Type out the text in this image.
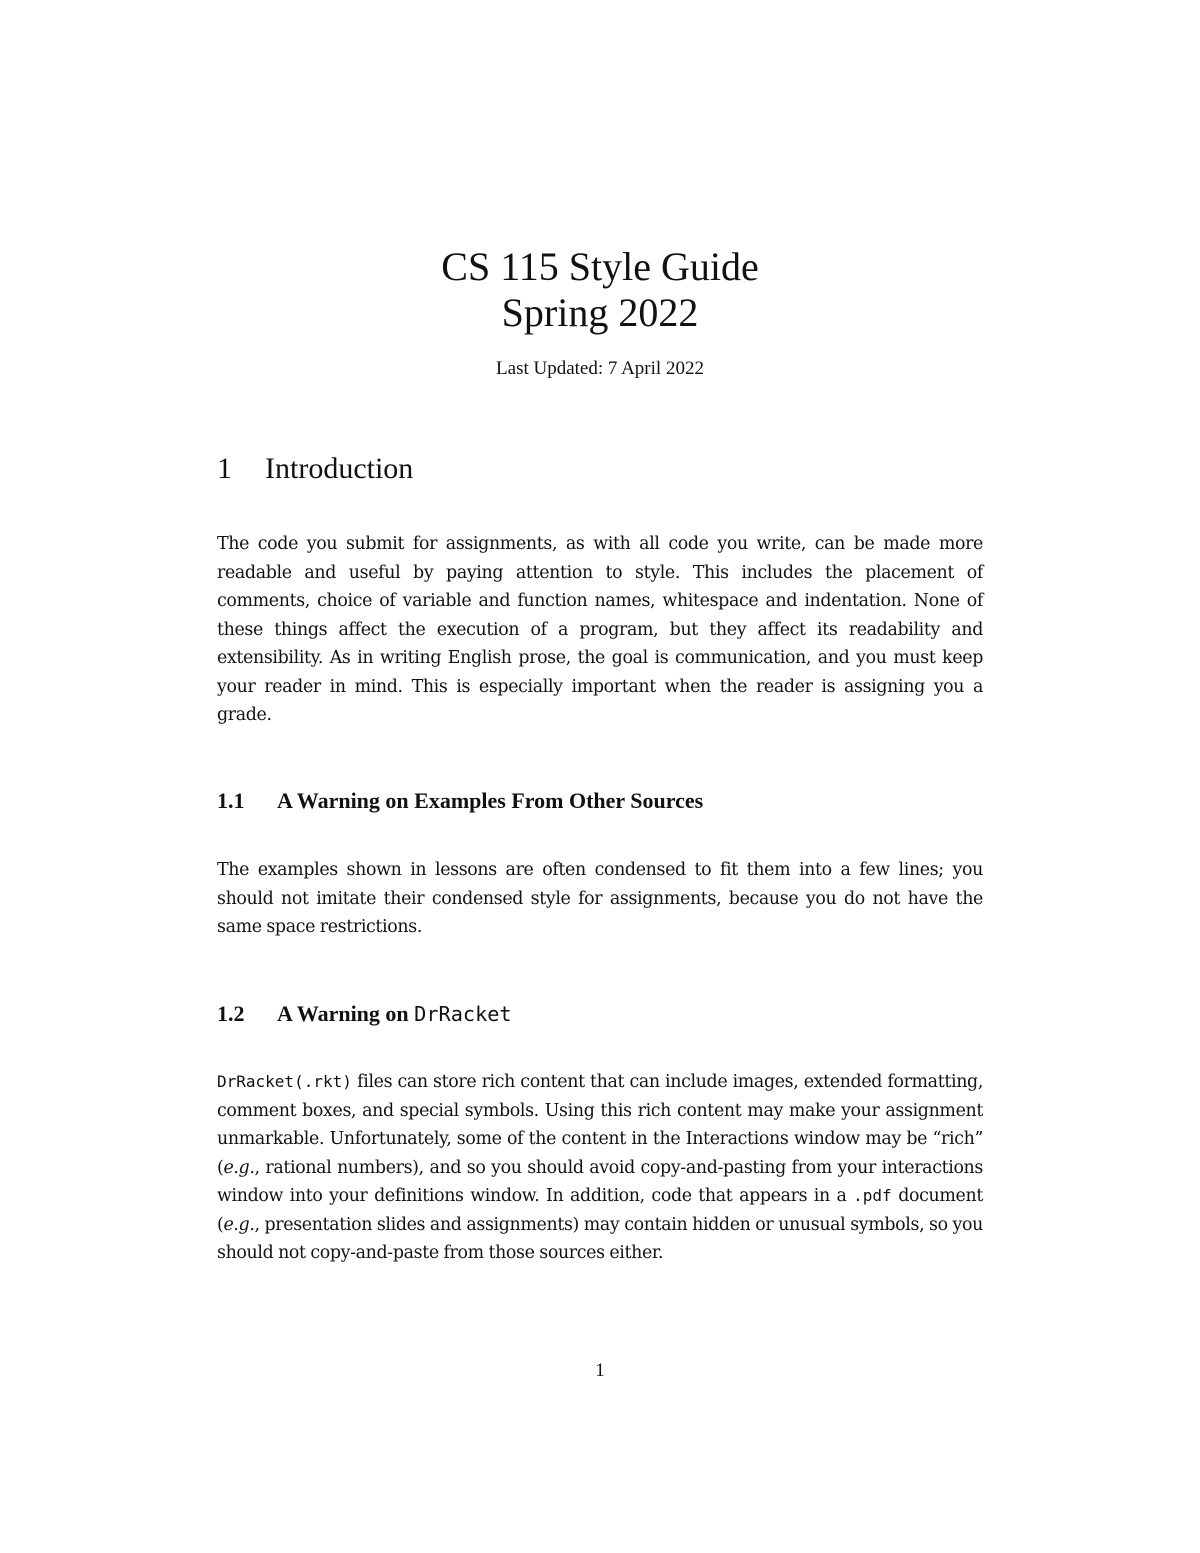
CS 115 Style Guide
Spring 2022
Last Updated: 7 April 2022
1	Introduction

The code you submit for assignments, as with all code you write, can be made more readable and useful by paying attention to style. This includes the placement of comments, choice of variable and function names, whitespace and indentation. None of these things affect the execution of a program, but they affect its readability and extensibility. As in writing English prose, the goal is communication, and you must keep your reader in mind. This is especially important when the reader is assigning you a grade.

1.1	A Warning on Examples From Other Sources

The examples shown in lessons are often condensed to fit them into a few lines; you should not imitate their condensed style for assignments, because you do not have the same space restrictions.

1.2	A Warning on DrRacket

DrRacket(.rkt) files can store rich content that can include images, extended formatting, comment boxes, and special symbols. Using this rich content may make your assignment unmarkable. Unfortunately, some of the content in the Interactions window may be “rich” (e.g., rational numbers), and so you should avoid copy-and-pasting from your interactions window into your definitions window. In addition, code that appears in a .pdf document (e.g., presentation slides and assignments) may contain hidden or unusual symbols, so you should not copy-and-paste from those sources either.

1
